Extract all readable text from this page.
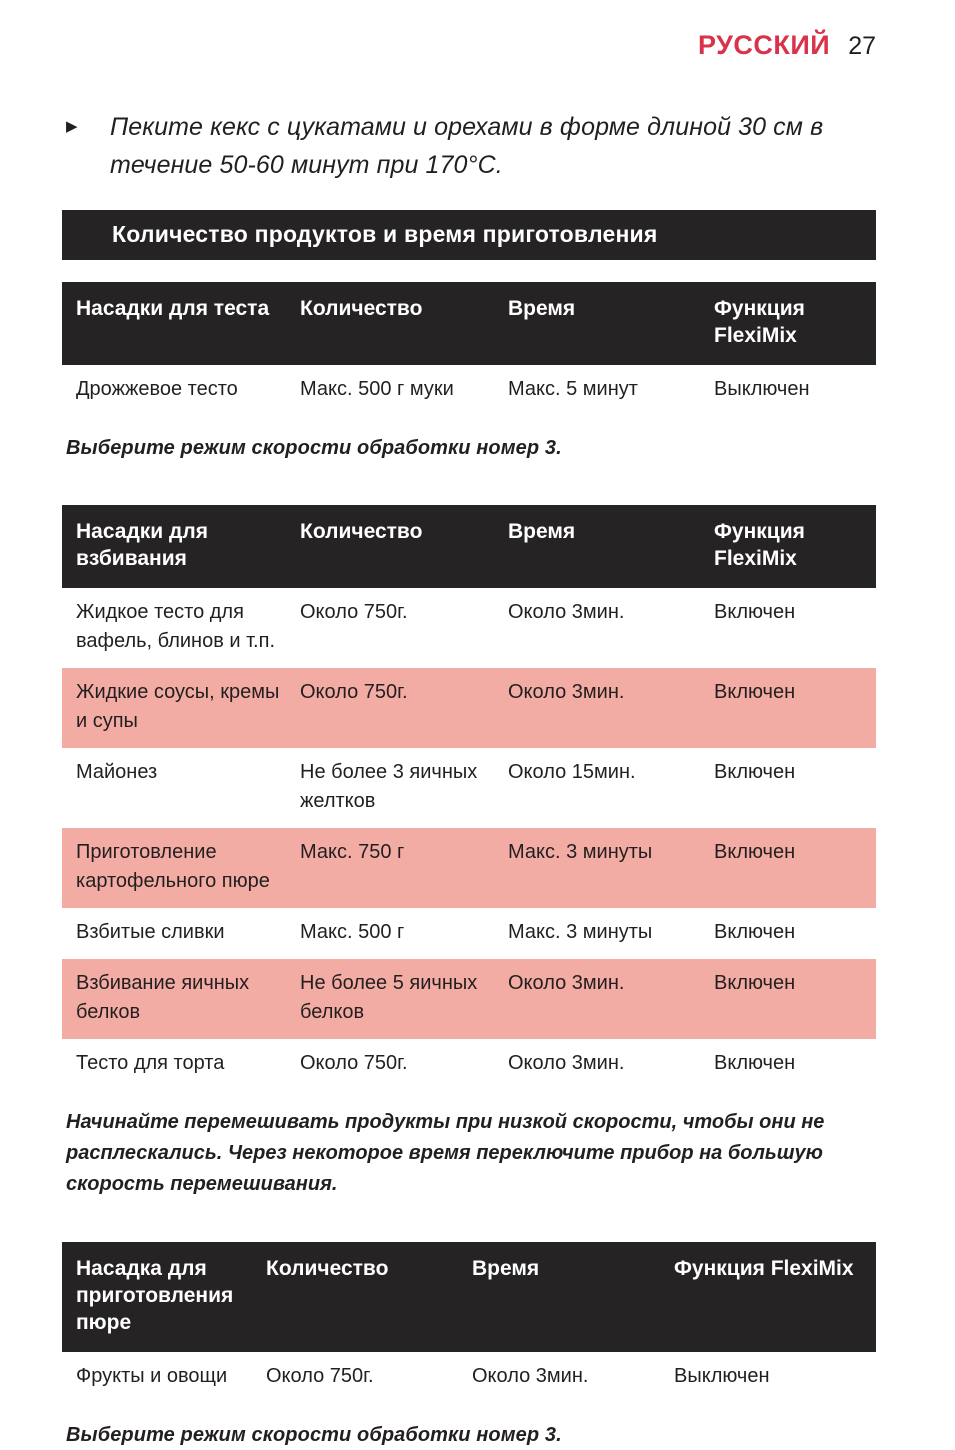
РУССКИЙ 27
▶	Пеките кекс с цукатами и орехами в форме длиной 30 см в течение 50-60 минут при 170°C.
Количество продуктов и время приготовления
Насадки для теста	Количество	Время	Функция FlexiMix
Дрожжевое тесто	Макс. 500 г муки	Макс. 5 минут	Выключен
Выберите режим скорости обработки номер 3.
Насадки для взбивания	Количество	Время	Функция FlexiMix
Жидкое тесто для вафель, блинов и т.п.	Около 750г.	Около 3мин.	Включен
Жидкие соусы, кремы и супы	Около 750г.	Около 3мин.	Включен
Майонез	Не более 3 яичных желтков	Около 15мин.	Включен
Приготовление картофельного пюре	Макс. 750 г	Макс. 3 минуты	Включен
Взбитые сливки	Макс. 500 г	Макс. 3 минуты	Включен
Взбивание яичных белков	Не более 5 яичных белков	Около 3мин.	Включен
Тесто для торта	Около 750г.	Около 3мин.	Включен
Начинайте перемешивать продукты при низкой скорости, чтобы они не
расплескались. Через некоторое время переключите прибор на большую
скорость перемешивания.
Насадка для приготовления пюре	Количество	Время	Функция FlexiMix
Фрукты и овощи	Около 750г.	Около 3мин.	Выключен
Выберите режим скорости обработки номер 3.
